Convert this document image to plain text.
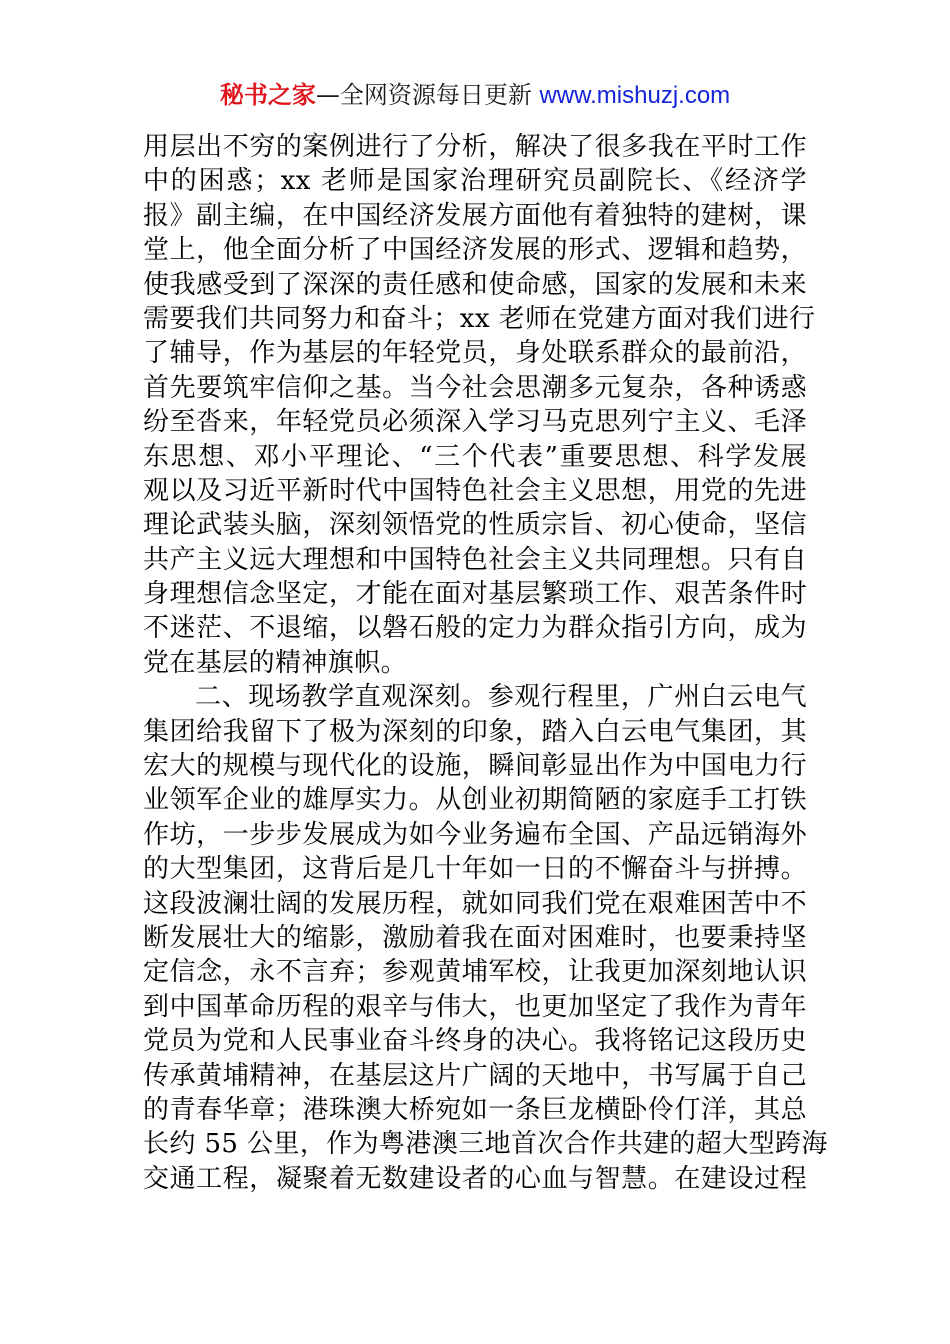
秘书之家—全网资源每日更新 www.mishuzj.com
用层出不穷的案例进行了分析，解决了很多我在平时工作
中的困惑；xx 老师是国家治理研究员副院长、《经济学
报》副主编，在中国经济发展方面他有着独特的建树，课
堂上，他全面分析了中国经济发展的形式、逻辑和趋势，
使我感受到了深深的责任感和使命感，国家的发展和未来
需要我们共同努力和奋斗；xx 老师在党建方面对我们进行
了辅导，作为基层的年轻党员，身处联系群众的最前沿，
首先要筑牢信仰之基。当今社会思潮多元复杂，各种诱惑
纷至沓来，年轻党员必须深入学习马克思列宁主义、毛泽
东思想、邓小平理论、“三个代表”重要思想、科学发展
观以及习近平新时代中国特色社会主义思想，用党的先进
理论武装头脑，深刻领悟党的性质宗旨、初心使命，坚信
共产主义远大理想和中国特色社会主义共同理想。只有自
身理想信念坚定，才能在面对基层繁琐工作、艰苦条件时
不迷茫、不退缩，以磐石般的定力为群众指引方向，成为
党在基层的精神旗帜。
二、现场教学直观深刻。参观行程里，广州白云电气
集团给我留下了极为深刻的印象，踏入白云电气集团，其
宏大的规模与现代化的设施，瞬间彰显出作为中国电力行
业领军企业的雄厚实力。从创业初期简陋的家庭手工打铁
作坊，一步步发展成为如今业务遍布全国、产品远销海外
的大型集团，这背后是几十年如一日的不懈奋斗与拼搏。
这段波澜壮阔的发展历程，就如同我们党在艰难困苦中不
断发展壮大的缩影，激励着我在面对困难时，也要秉持坚
定信念，永不言弃；参观黄埔军校，让我更加深刻地认识
到中国革命历程的艰辛与伟大，也更加坚定了我作为青年
党员为党和人民事业奋斗终身的决心。我将铭记这段历史
传承黄埔精神，在基层这片广阔的天地中，书写属于自己
的青春华章；港珠澳大桥宛如一条巨龙横卧伶仃洋，其总
长约 55 公里，作为粤港澳三地首次合作共建的超大型跨海
交通工程，凝聚着无数建设者的心血与智慧。在建设过程
